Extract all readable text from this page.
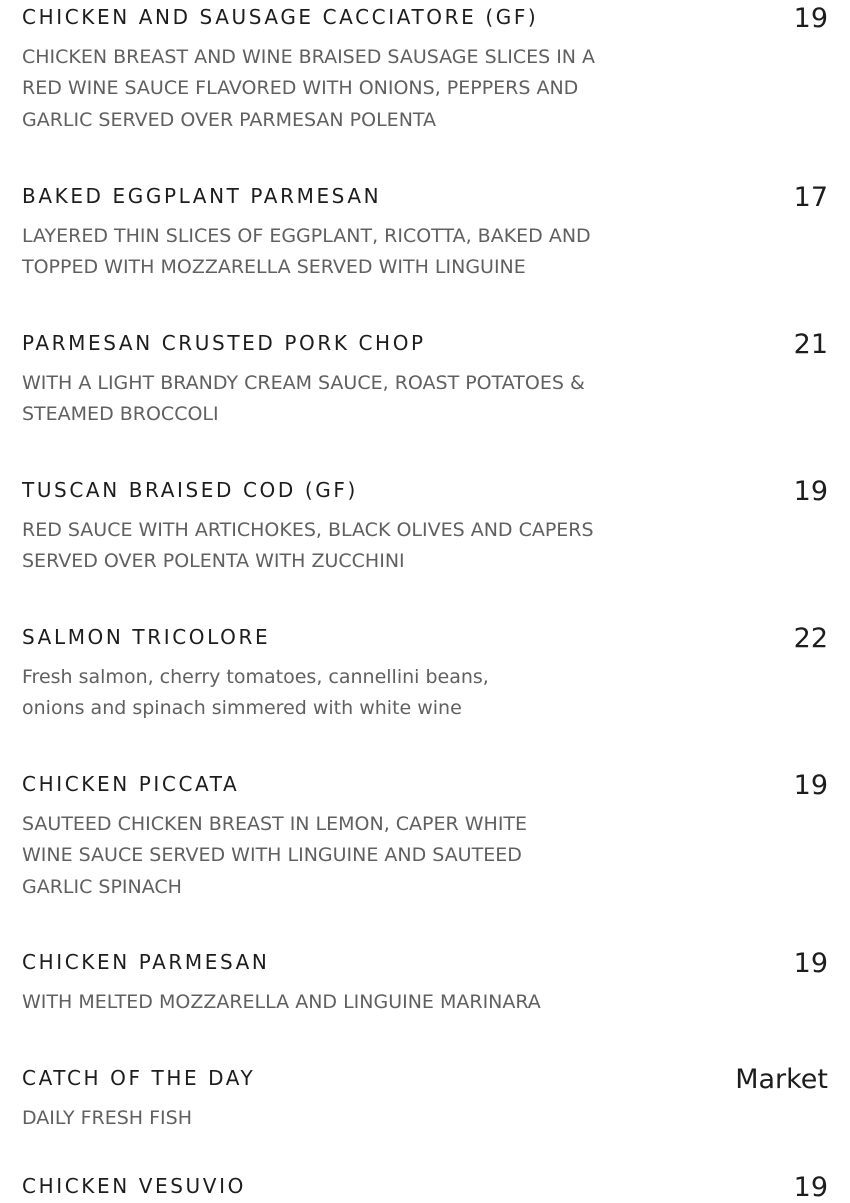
CHICKEN AND SAUSAGE CACCIATORE (GF)	19
CHICKEN BREAST AND WINE BRAISED SAUSAGE SLICES IN A
RED WINE SAUCE FLAVORED WITH ONIONS, PEPPERS AND
GARLIC SERVED OVER PARMESAN POLENTA
BAKED EGGPLANT PARMESAN	17
LAYERED THIN SLICES OF EGGPLANT, RICOTTA, BAKED AND
TOPPED WITH MOZZARELLA SERVED WITH LINGUINE
PARMESAN CRUSTED PORK CHOP	21
WITH A LIGHT BRANDY CREAM SAUCE, ROAST POTATOES &
STEAMED BROCCOLI
TUSCAN BRAISED COD (GF)	19
RED SAUCE WITH ARTICHOKES, BLACK OLIVES AND CAPERS
SERVED OVER POLENTA WITH ZUCCHINI
SALMON TRICOLORE	22
Fresh salmon, cherry tomatoes, cannellini beans,
onions and spinach simmered with white wine
CHICKEN PICCATA	19
SAUTEED CHICKEN BREAST IN LEMON, CAPER WHITE
WINE SAUCE SERVED WITH LINGUINE AND SAUTEED
GARLIC SPINACH
CHICKEN PARMESAN	19
WITH MELTED MOZZARELLA AND LINGUINE MARINARA
CATCH OF THE DAY	Market
DAILY FRESH FISH
CHICKEN VESUVIO	19
